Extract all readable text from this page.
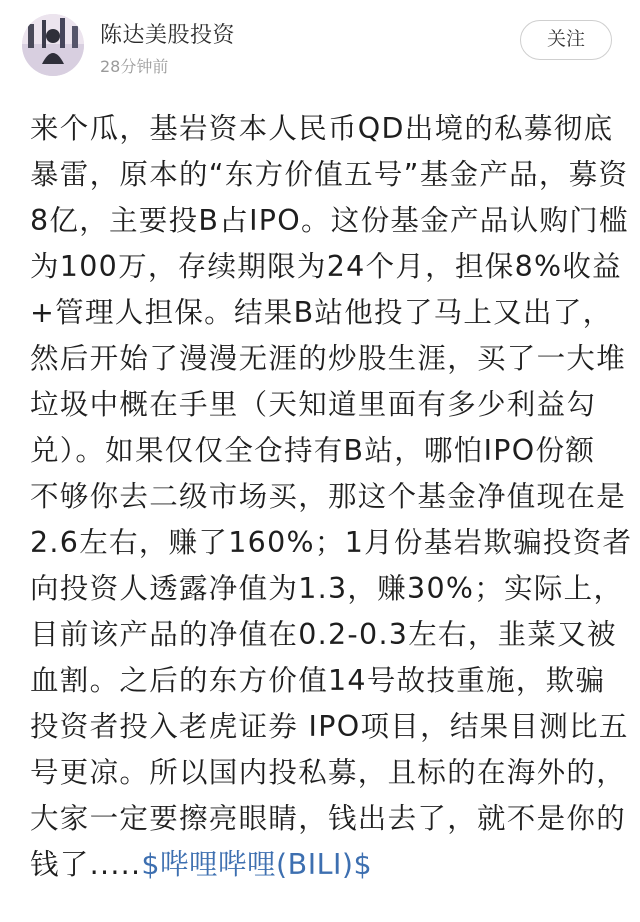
陈达美股投资
28分钟前
关注
来个瓜，基岩资本人民币QD出境的私募彻底
暴雷，原本的“东方价值五号”基金产品，募资
8亿，主要投B占IPO。这份基金产品认购门槛
为100万，存续期限为24个月，担保8%收益
+管理人担保。结果B站他投了马上又出了，
然后开始了漫漫无涯的炒股生涯，买了一大堆
垃圾中概在手里（天知道里面有多少利益勾
兑）。如果仅仅全仓持有B站，哪怕IPO份额
不够你去二级市场买，那这个基金净值现在是
2.6左右，赚了160%；1月份基岩欺骗投资者
向投资人透露净值为1.3，赚30%；实际上，
目前该产品的净值在0.2-0.3左右，韭菜又被
血割。之后的东方价值14号故技重施，欺骗
投资者投入老虎证券 IPO项目，结果目测比五
号更凉。所以国内投私募，且标的在海外的，
大家一定要擦亮眼睛，钱出去了，就不是你的
钱了.....$哔哩哔哩(BILI)$
